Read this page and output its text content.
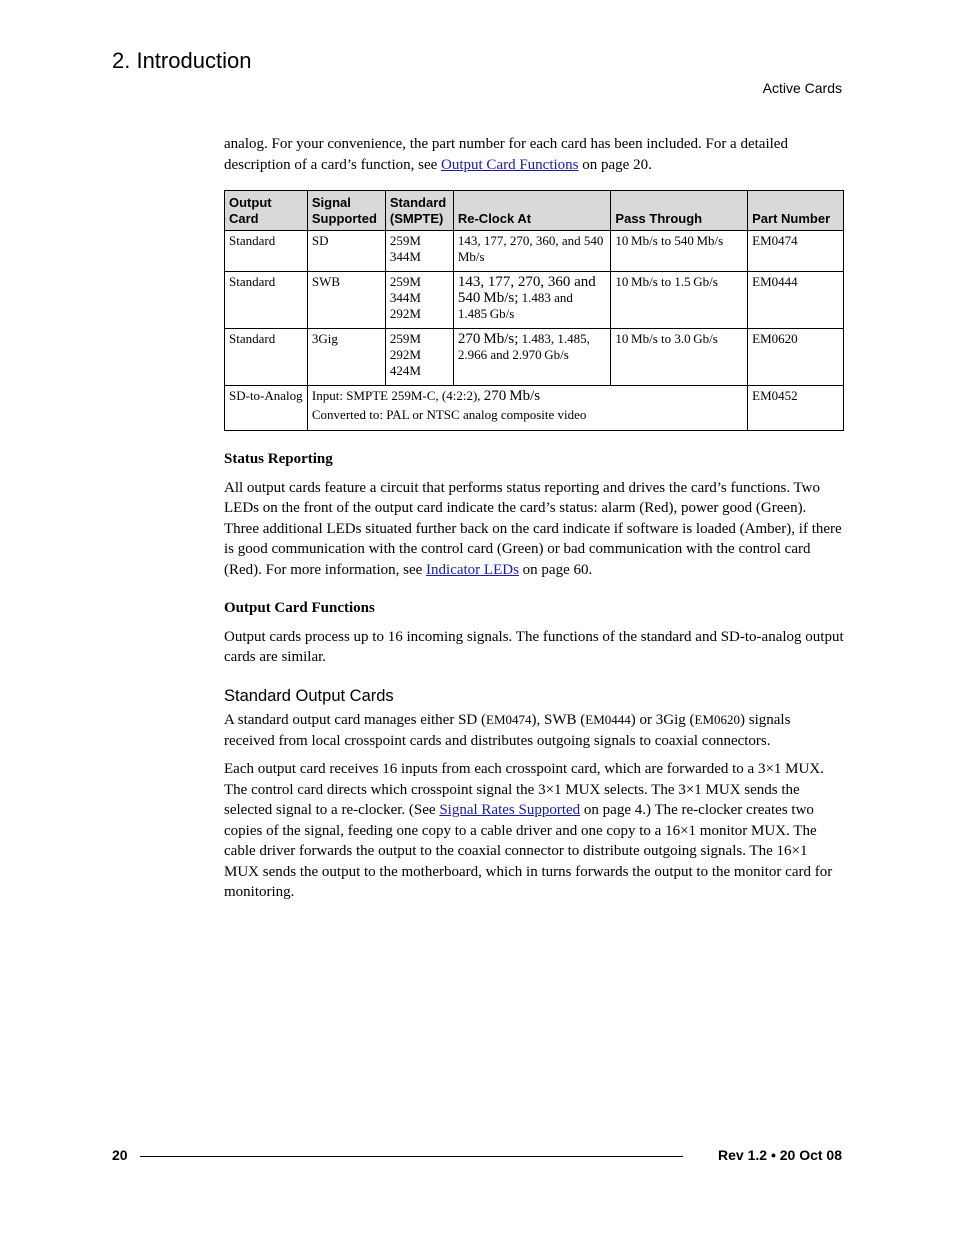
2. Introduction
Active Cards

analog. For your convenience, the part number for each card has been included. For a detailed description of a card’s function, see Output Card Functions on page 20.

Output Card	Signal Supported	Standard (SMPTE)	Re-Clock At	Pass Through	Part Number
Standard	SD	259M
344M	143, 177, 270, 360, and 540 Mb/s	10 Mb/s to 540 Mb/s	EM0474
Standard	SWB	259M
344M
292M	143, 177, 270, 360 and 540 Mb/s; 1.483 and 1.485 Gb/s	10 Mb/s to 1.5 Gb/s	EM0444
Standard	3Gig	259M
292M
424M	270 Mb/s; 1.483, 1.485, 2.966 and 2.970 Gb/s	10 Mb/s to 3.0 Gb/s	EM0620
SD-to-Analog	Input: SMPTE 259M-C, (4:2:2), 270 Mb/s
Converted to: PAL or NTSC analog composite video				EM0452
Status Reporting

All output cards feature a circuit that performs status reporting and drives the card’s functions. Two LEDs on the front of the output card indicate the card’s status: alarm (Red), power good (Green). Three additional LEDs situated further back on the card indicate if software is loaded (Amber), if there is good communication with the control card (Green) or bad communication with the control card (Red). For more information, see Indicator LEDs on page 60.

Output Card Functions

Output cards process up to 16 incoming signals. The functions of the standard and SD-to-analog output cards are similar.

Standard Output Cards

A standard output card manages either SD (EM0474), SWB (EM0444) or 3Gig (EM0620) signals received from local crosspoint cards and distributes outgoing signals to coaxial connectors.

Each output card receives 16 inputs from each crosspoint card, which are forwarded to a 3×1 MUX. The control card directs which crosspoint signal the 3×1 MUX selects. The 3×1 MUX sends the selected signal to a re-clocker. (See Signal Rates Supported on page 4.) The re-clocker creates two copies of the signal, feeding one copy to a cable driver and one copy to a 16×1 monitor MUX. The cable driver forwards the output to the coaxial connector to distribute outgoing signals. The 16×1 MUX sends the output to the motherboard, which in turns forwards the output to the monitor card for monitoring.

20	Rev 1.2 • 20 Oct 08
